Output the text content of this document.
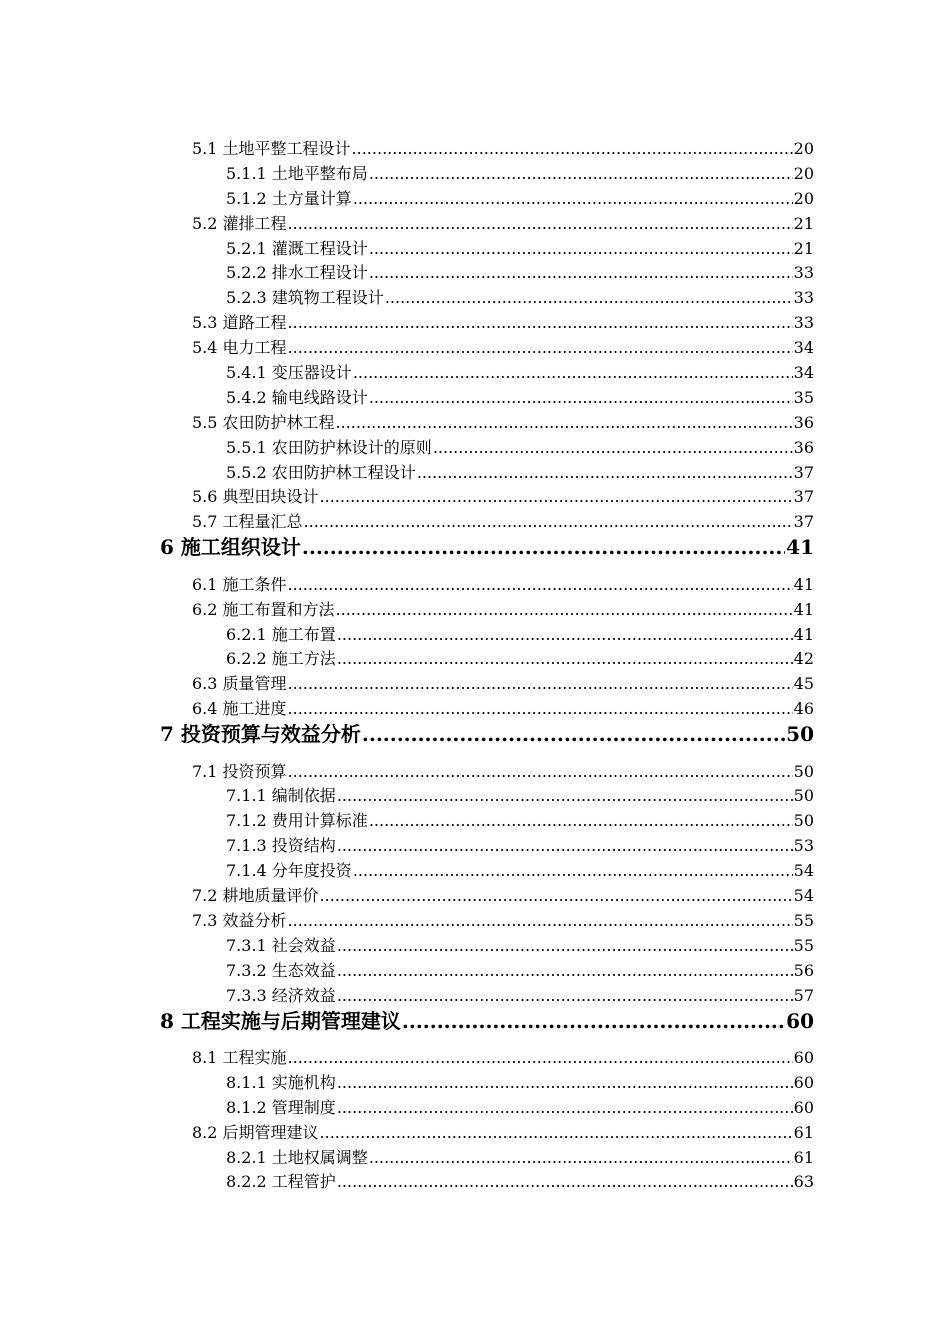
5.1 土地平整工程设计 .....	20
5.1.1 土地平整布局 .....	20
5.1.2 土方量计算 .....	20
5.2 灌排工程 .....	21
5.2.1 灌溉工程设计 .....	21
5.2.2 排水工程设计 .....	33
5.2.3 建筑物工程设计 .....	33
5.3 道路工程 .....	33
5.4 电力工程 .....	34
5.4.1 变压器设计 .....	34
5.4.2 输电线路设计 .....	35
5.5 农田防护林工程 .....	36
5.5.1 农田防护林设计的原则 .....	36
5.5.2 农田防护林工程设计 .....	37
5.6 典型田块设计 .....	37
5.7 工程量汇总 .....	37
6 施工组织设计 .....	41
6.1 施工条件 .....	41
6.2 施工布置和方法 .....	41
6.2.1 施工布置 .....	41
6.2.2 施工方法 .....	42
6.3 质量管理 .....	45
6.4 施工进度 .....	46
7 投资预算与效益分析 .....	50
7.1 投资预算 .....	50
7.1.1 编制依据 .....	50
7.1.2 费用计算标准 .....	50
7.1.3 投资结构 .....	53
7.1.4 分年度投资 .....	54
7.2 耕地质量评价 .....	54
7.3 效益分析 .....	55
7.3.1 社会效益 .....	55
7.3.2 生态效益 .....	56
7.3.3 经济效益 .....	57
8 工程实施与后期管理建议 .....	60
8.1 工程实施 .....	60
8.1.1 实施机构 .....	60
8.1.2 管理制度 .....	60
8.2 后期管理建议 .....	61
8.2.1 土地权属调整 .....	61
8.2.2 工程管护 .....	63
